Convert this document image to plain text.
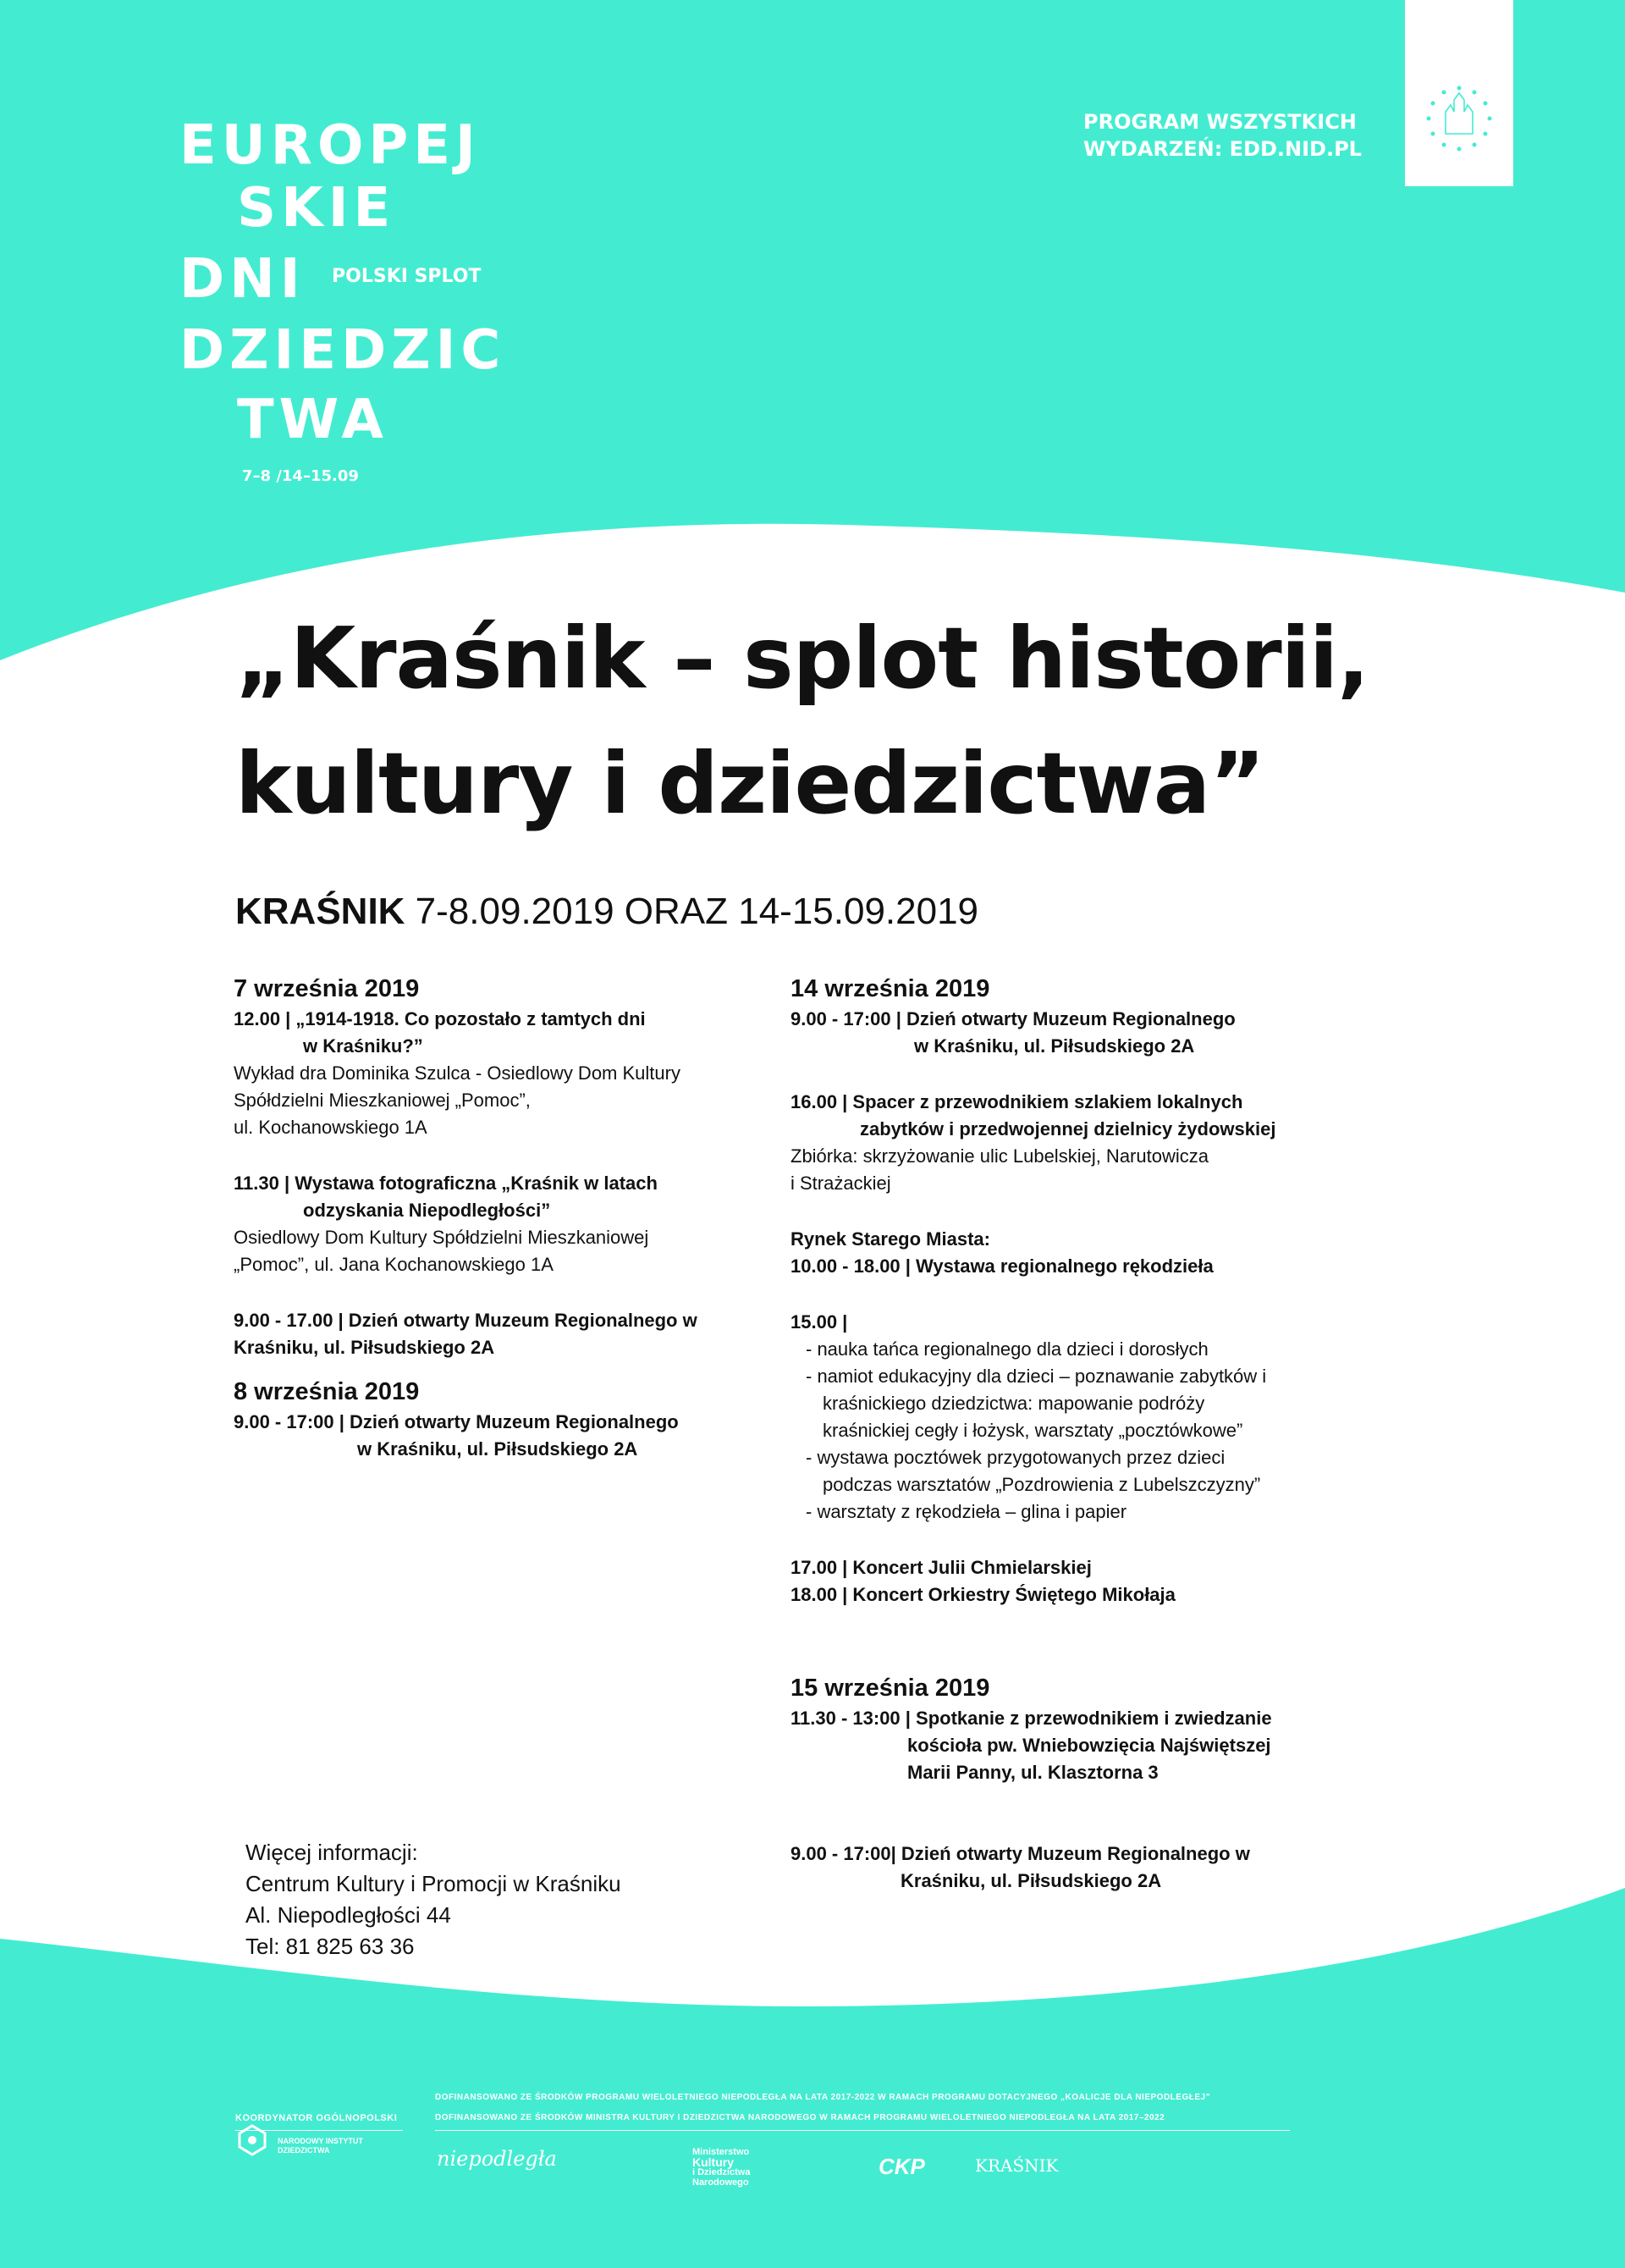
EUROPEJ
SKIE
DNI POLSKI SPLOT
DZIEDZIC
TWA
7–8 /14–15.09
PROGRAM WSZYSTKICH
WYDARZEŃ: EDD.NID.PL
„Kraśnik – splot historii,
kultury i dziedzictwa”
KRAŚNIK 7-8.09.2019 ORAZ 14-15.09.2019

7 września 2019

12.00 | „1914-1918. Co pozostało z tamtych dni
w Kraśniku?”
Wykład dra Dominika Szulca - Osiedlowy Dom Kultury
Spółdzielni Mieszkaniowej „Pomoc”,
ul. Kochanowskiego 1A
11.30 | Wystawa fotograficzna „Kraśnik w latach
odzyskania Niepodległości”
Osiedlowy Dom Kultury Spółdzielni Mieszkaniowej
„Pomoc”, ul. Jana Kochanowskiego 1A
9.00 - 17.00 | Dzień otwarty Muzeum Regionalnego w
Kraśniku, ul. Piłsudskiego 2A

8 września 2019

9.00 - 17:00 | Dzień otwarty Muzeum Regionalnego
w Kraśniku, ul. Piłsudskiego 2A

14 września 2019

9.00 - 17:00 | Dzień otwarty Muzeum Regionalnego
w Kraśniku, ul. Piłsudskiego 2A
16.00 | Spacer z przewodnikiem szlakiem lokalnych
zabytków i przedwojennej dzielnicy żydowskiej
Zbiórka: skrzyżowanie ulic Lubelskiej, Narutowicza
i Strażackiej
Rynek Starego Miasta:
10.00 - 18.00 | Wystawa regionalnego rękodzieła
15.00 |
- nauka tańca regionalnego dla dzieci i dorosłych
- namiot edukacyjny dla dzieci – poznawanie zabytków i
kraśnickiego dziedzictwa: mapowanie podróży
kraśnickiej cegły i łożysk, warsztaty „pocztówkowe”
- wystawa pocztówek przygotowanych przez dzieci
podczas warsztatów „Pozdrowienia z Lubelszczyzny”
- warsztaty z rękodzieła – glina i papier
17.00 | Koncert Julii Chmielarskiej
18.00 | Koncert Orkiestry Świętego Mikołaja

15 września 2019

11.30 - 13:00 | Spotkanie z przewodnikiem i zwiedzanie
kościoła pw. Wniebowzięcia Najświętszej
Marii Panny, ul. Klasztorna 3
9.00 - 17:00| Dzień otwarty Muzeum Regionalnego w
Kraśniku, ul. Piłsudskiego 2A
Więcej informacji:
Centrum Kultury i Promocji w Kraśniku
Al. Niepodległości 44
Tel: 81 825 63 36
DOFINANSOWANO ZE ŚRODKÓW PROGRAMU WIELOLETNIEGO NIEPODLEGŁA NA LATA 2017-2022 W RAMACH PROGRAMU DOTACYJNEGO „KOALICJE DLA NIEPODLEGŁEJ”
DOFINANSOWANO ZE ŚRODKÓW MINISTRA KULTURY I DZIEDZICTWA NARODOWEGO W RAMACH PROGRAMU WIELOLETNIEGO NIEPODLEGŁA NA LATA 2017–2022
KOORDYNATOR OGÓLNOPOLSKI
NARODOWY INSTYTUT
DZIEDZICTWA	niepodległa	Ministerstwo
Kultury
i Dziedzictwa
Narodowego
CKP	KRAŚNIK
